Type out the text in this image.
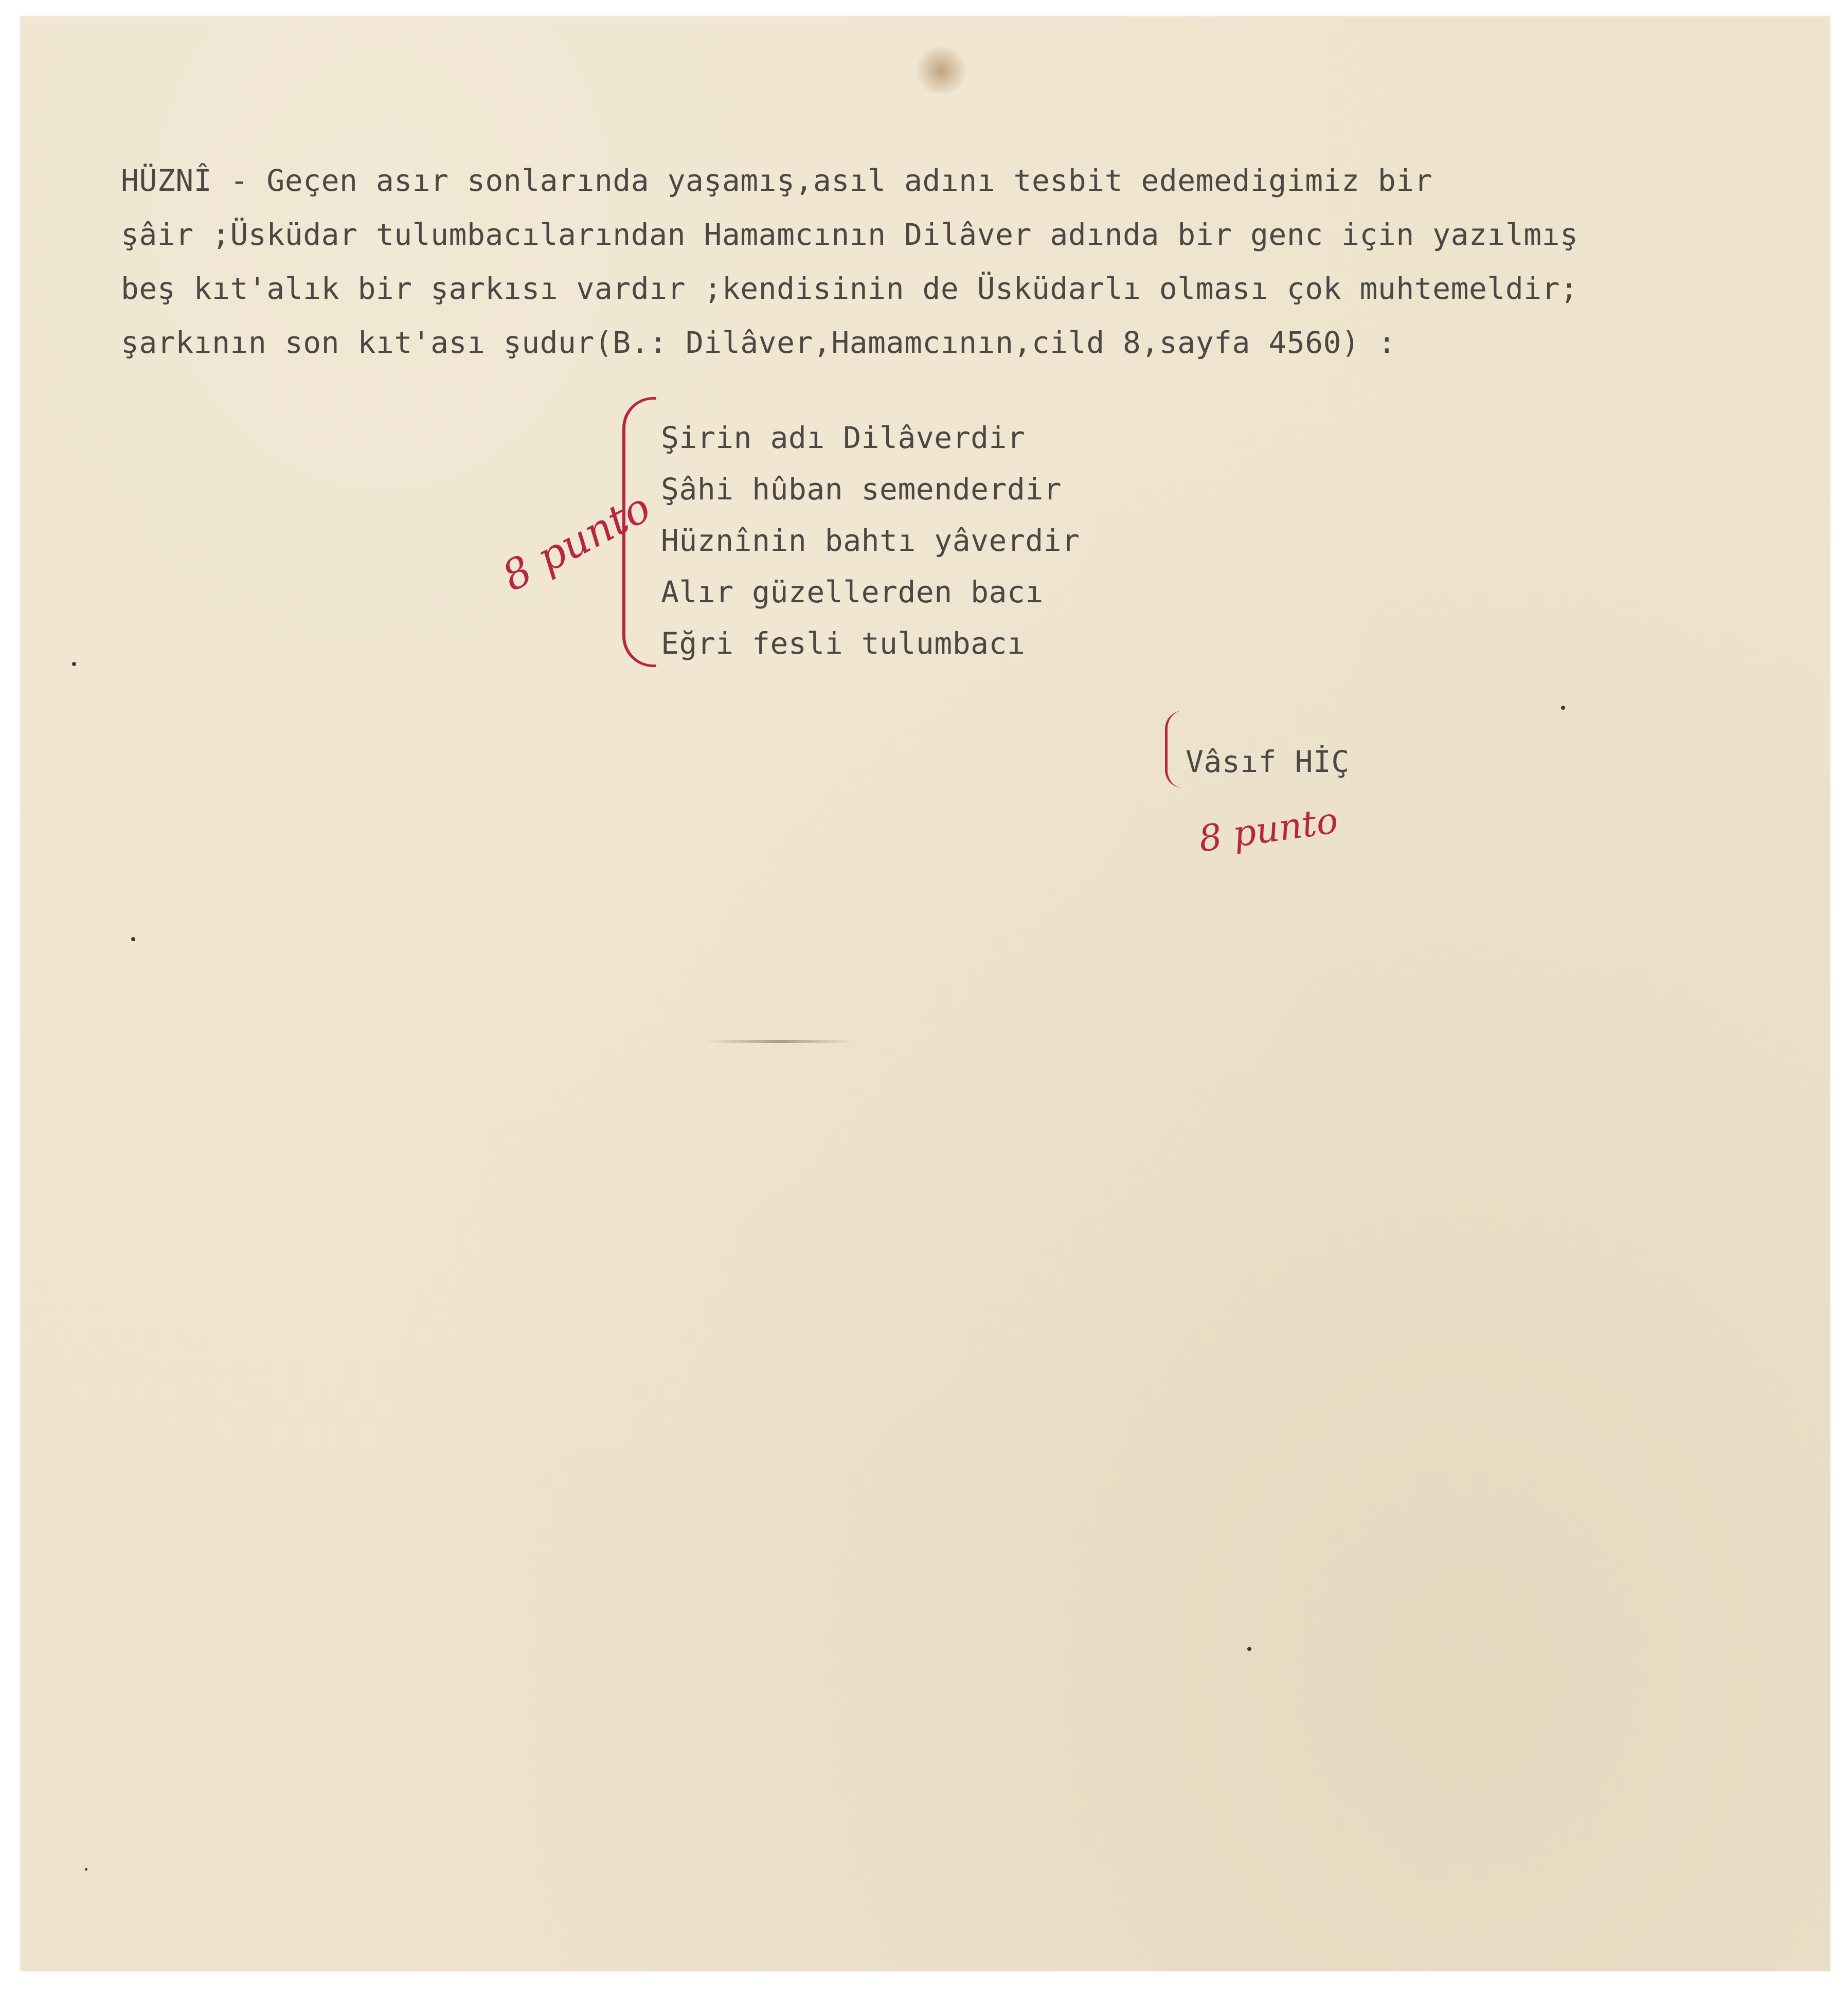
HÜZNÎ - Geçen asır sonlarında yaşamış,asıl adını tesbit edemedigimiz bir
şâir ;Üsküdar tulumbacılarından Hamamcının Dilâver adında bir genc için yazılmış
beş kıt'alık bir şarkısı vardır ;kendisinin de Üsküdarlı olması çok muhtemeldir;
şarkının son kıt'ası şudur(B.: Dilâver,Hamamcının,cild 8,sayfa 4560) :
8 punto
Şirin adı Dilâverdir
Şâhi hûban semenderdir
Hüznînin bahtı yâverdir
Alır güzellerden bacı
Eğri fesli tulumbacı
Vâsıf HİÇ
8 punto
